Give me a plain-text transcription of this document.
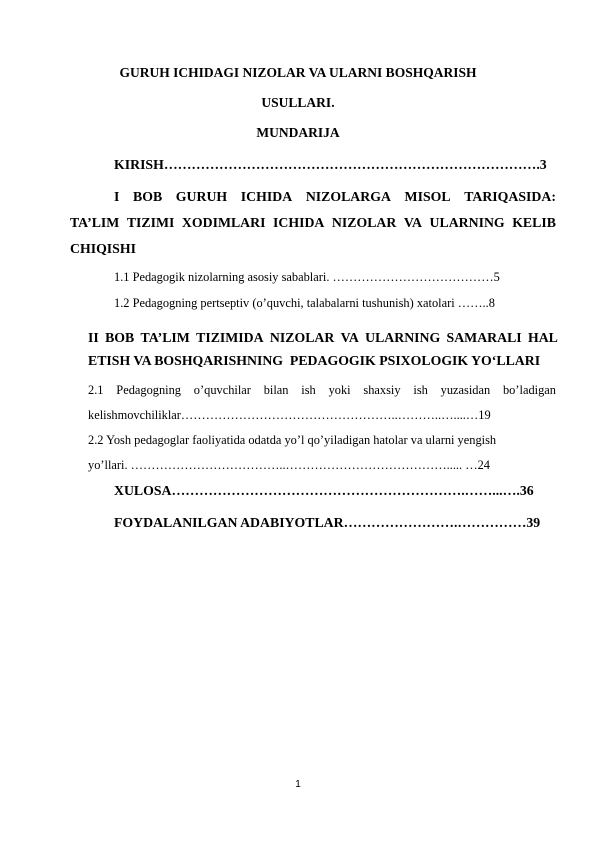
GURUH ICHIDAGI NIZOLAR VA ULARNI BOSHQARISH
USULLARI.
MUNDARIJA
KIRISH……………………………………………………………………….3
I BOB GURUH ICHIDA NIZOLARGA MISOL TARIQASIDA:
TA’LIM TIZIMI XODIMLARI ICHIDA NIZOLAR VA ULARNING KELIB
CHIQISHI
1.1 Pedagogik nizolarning asosiy sabablari. …………………………………5
1.2 Pedagogning pertseptiv (o’quvchi, talabalarni tushunish) xatolari ……..8
II BOB TA’LIM TIZIMIDA NIZOLAR VA ULARNING SAMARALI HAL
ETISH VA BOSHQARISHNING  PEDAGOGIK PSIXOLOGIK YO‘LLARI
2.1 Pedagogning o’quvchilar bilan ish yoki shaxsiy ish yuzasidan bo’ladigan
kelishmovchiliklar……………………………………………..………..…....…19
2.2 Yosh pedagoglar faoliyatida odatda yo’l qo’yiladigan hatolar va ularni yengish
yo’llari. ………………………………..…………………………………..... …24
XULOSA……………………………………………………….……...….36
FOYDALANILGAN ADABIYOTLAR…………………….……………39
1
